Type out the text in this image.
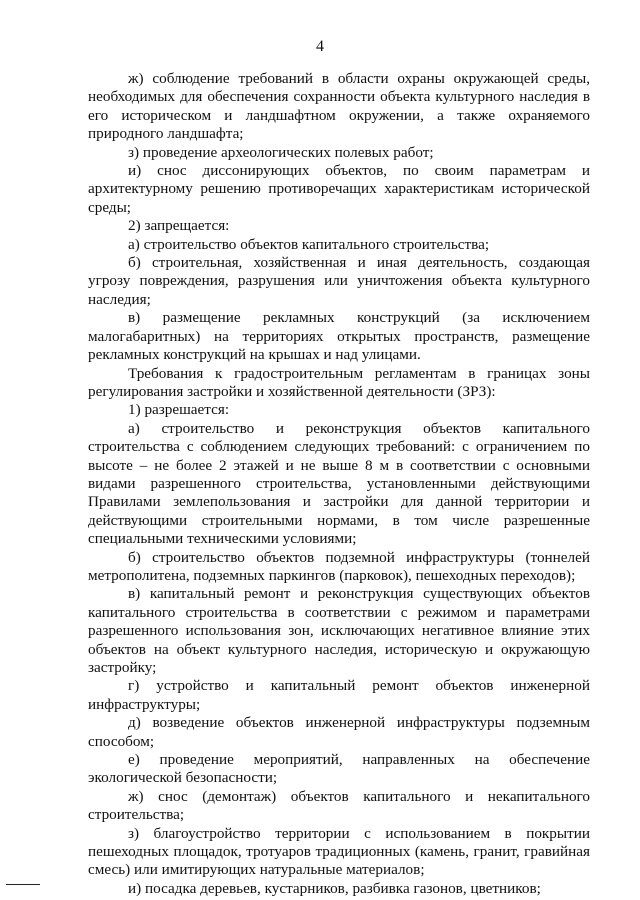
4

ж) соблюдение требований в области охраны окружающей среды, необходимых для обеспечения сохранности объекта культурного наследия в его историческом и ландшафтном окружении, а также охраняемого природного ландшафта;

з) проведение археологических полевых работ;

и) снос диссонирующих объектов, по своим параметрам и архитектурному решению противоречащих характеристикам исторической среды;

2) запрещается:

а) строительство объектов капитального строительства;

б) строительная, хозяйственная и иная деятельность, создающая угрозу повреждения, разрушения или уничтожения объекта культурного наследия;

в) размещение рекламных конструкций (за исключением малогабаритных) на территориях открытых пространств, размещение рекламных конструкций на крышах и над улицами.

Требования к градостроительным регламентам в границах зоны регулирования застройки и хозяйственной деятельности (ЗРЗ):

1) разрешается:

а) строительство и реконструкция объектов капитального строительства с соблюдением следующих требований: с ограничением по высоте – не более 2 этажей и не выше 8 м в соответствии с основными видами разрешенного строительства, установленными действующими Правилами землепользования и застройки для данной территории и действующими строительными нормами, в том числе разрешенные специальными техническими условиями;

б) строительство объектов подземной инфраструктуры (тоннелей метрополитена, подземных паркингов (парковок), пешеходных переходов);

в) капитальный ремонт и реконструкция существующих объектов капитального строительства в соответствии с режимом и параметрами разрешенного использования зон, исключающих негативное влияние этих объектов на объект культурного наследия, историческую и окружающую застройку;

г) устройство и капитальный ремонт объектов инженерной инфраструктуры;

д) возведение объектов инженерной инфраструктуры подземным способом;

е) проведение мероприятий, направленных на обеспечение экологической безопасности;

ж) снос (демонтаж) объектов капитального и некапитального строительства;

з) благоустройство территории с использованием в покрытии пешеходных площадок, тротуаров традиционных (камень, гранит, гравийная смесь) или имитирующих натуральные материалов;

и) посадка деревьев, кустарников, разбивка газонов, цветников;
